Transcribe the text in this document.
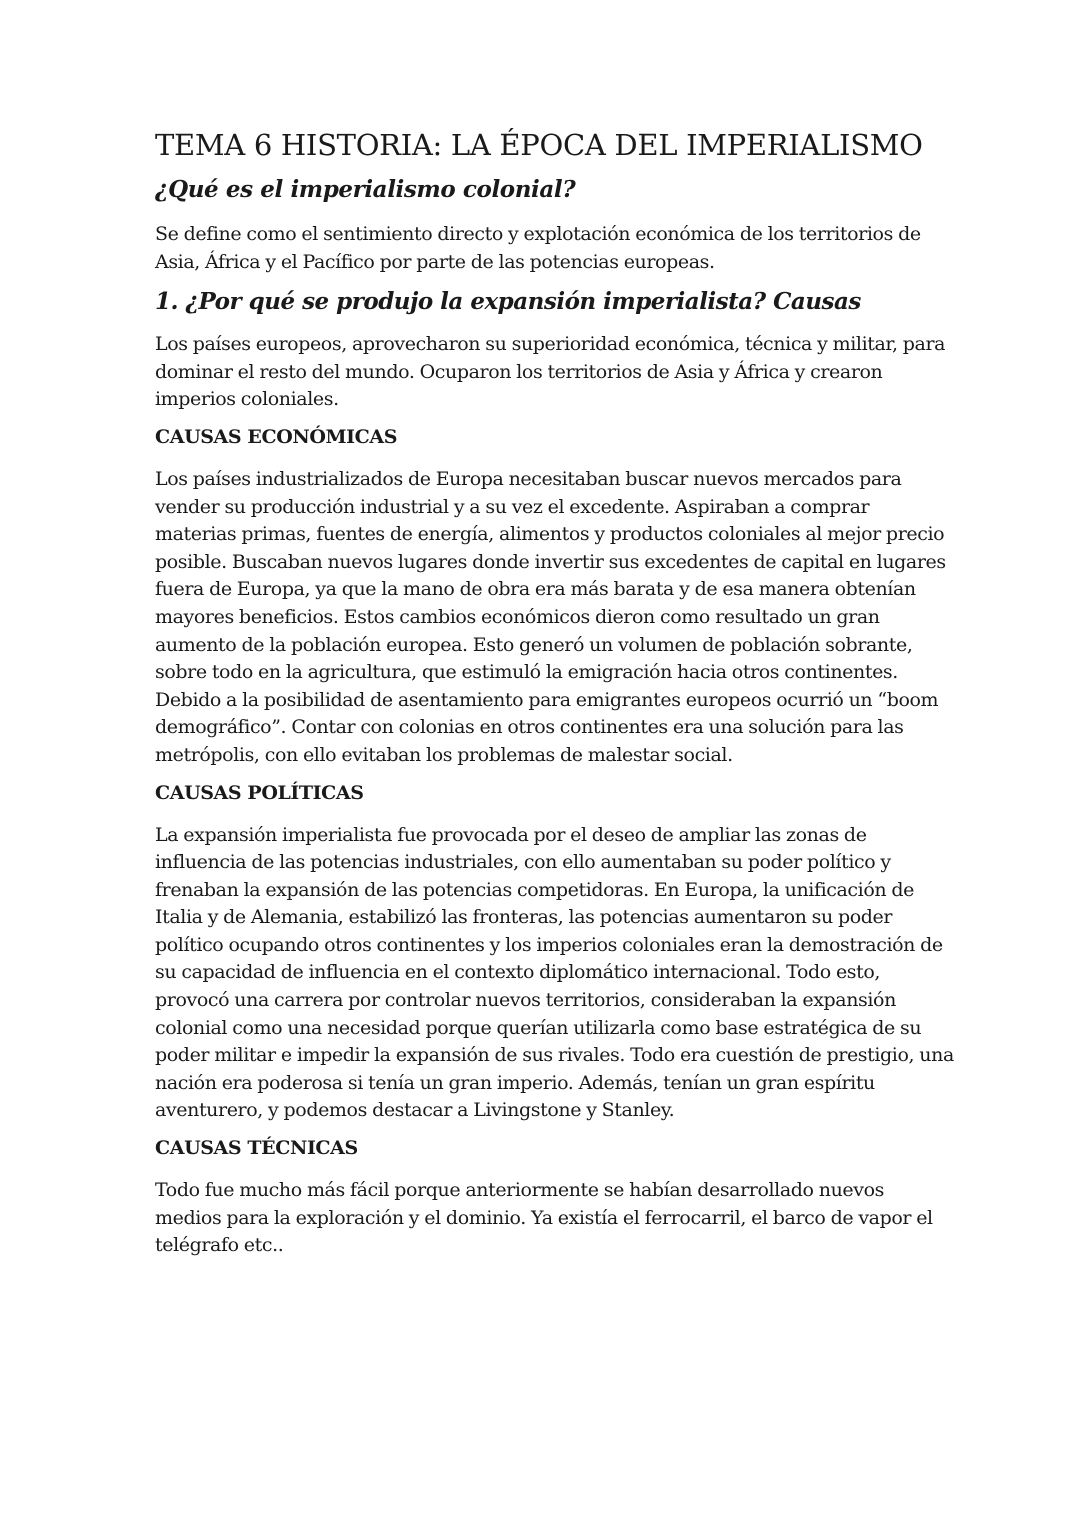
TEMA 6 HISTORIA: LA ÉPOCA DEL IMPERIALISMO
¿Qué es el imperialismo colonial?

Se define como el sentimiento directo y explotación económica de los territorios de Asia, África y el Pacífico por parte de las potencias europeas.

1. ¿Por qué se produjo la expansión imperialista? Causas

Los países europeos, aprovecharon su superioridad económica, técnica y militar, para dominar el resto del mundo. Ocuparon los territorios de Asia y África y crearon imperios coloniales.

CAUSAS ECONÓMICAS

Los países industrializados de Europa necesitaban buscar nuevos mercados para vender su producción industrial y a su vez el excedente. Aspiraban a comprar materias primas, fuentes de energía, alimentos y productos coloniales al mejor precio posible. Buscaban nuevos lugares donde invertir sus excedentes de capital en lugares fuera de Europa, ya que la mano de obra era más barata y de esa manera obtenían mayores beneficios. Estos cambios económicos dieron como resultado un gran aumento de la población europea. Esto generó un volumen de población sobrante, sobre todo en la agricultura, que estimuló la emigración hacia otros continentes. Debido a la posibilidad de asentamiento para emigrantes europeos ocurrió un “boom demográfico”. Contar con colonias en otros continentes era una solución para las metrópolis, con ello evitaban los problemas de malestar social.

CAUSAS POLÍTICAS

La expansión imperialista fue provocada por el deseo de ampliar las zonas de influencia de las potencias industriales, con ello aumentaban su poder político y frenaban la expansión de las potencias competidoras. En Europa, la unificación de Italia y de Alemania, estabilizó las fronteras, las potencias aumentaron su poder político ocupando otros continentes y los imperios coloniales eran la demostración de su capacidad de influencia en el contexto diplomático internacional. Todo esto, provocó una carrera por controlar nuevos territorios, consideraban la expansión colonial como una necesidad porque querían utilizarla como base estratégica de su poder militar e impedir la expansión de sus rivales. Todo era cuestión de prestigio, una nación era poderosa si tenía un gran imperio. Además, tenían un gran espíritu aventurero, y podemos destacar a Livingstone y Stanley.

CAUSAS TÉCNICAS

Todo fue mucho más fácil porque anteriormente se habían desarrollado nuevos medios para la exploración y el dominio. Ya existía el ferrocarril, el barco de vapor el telégrafo etc..
